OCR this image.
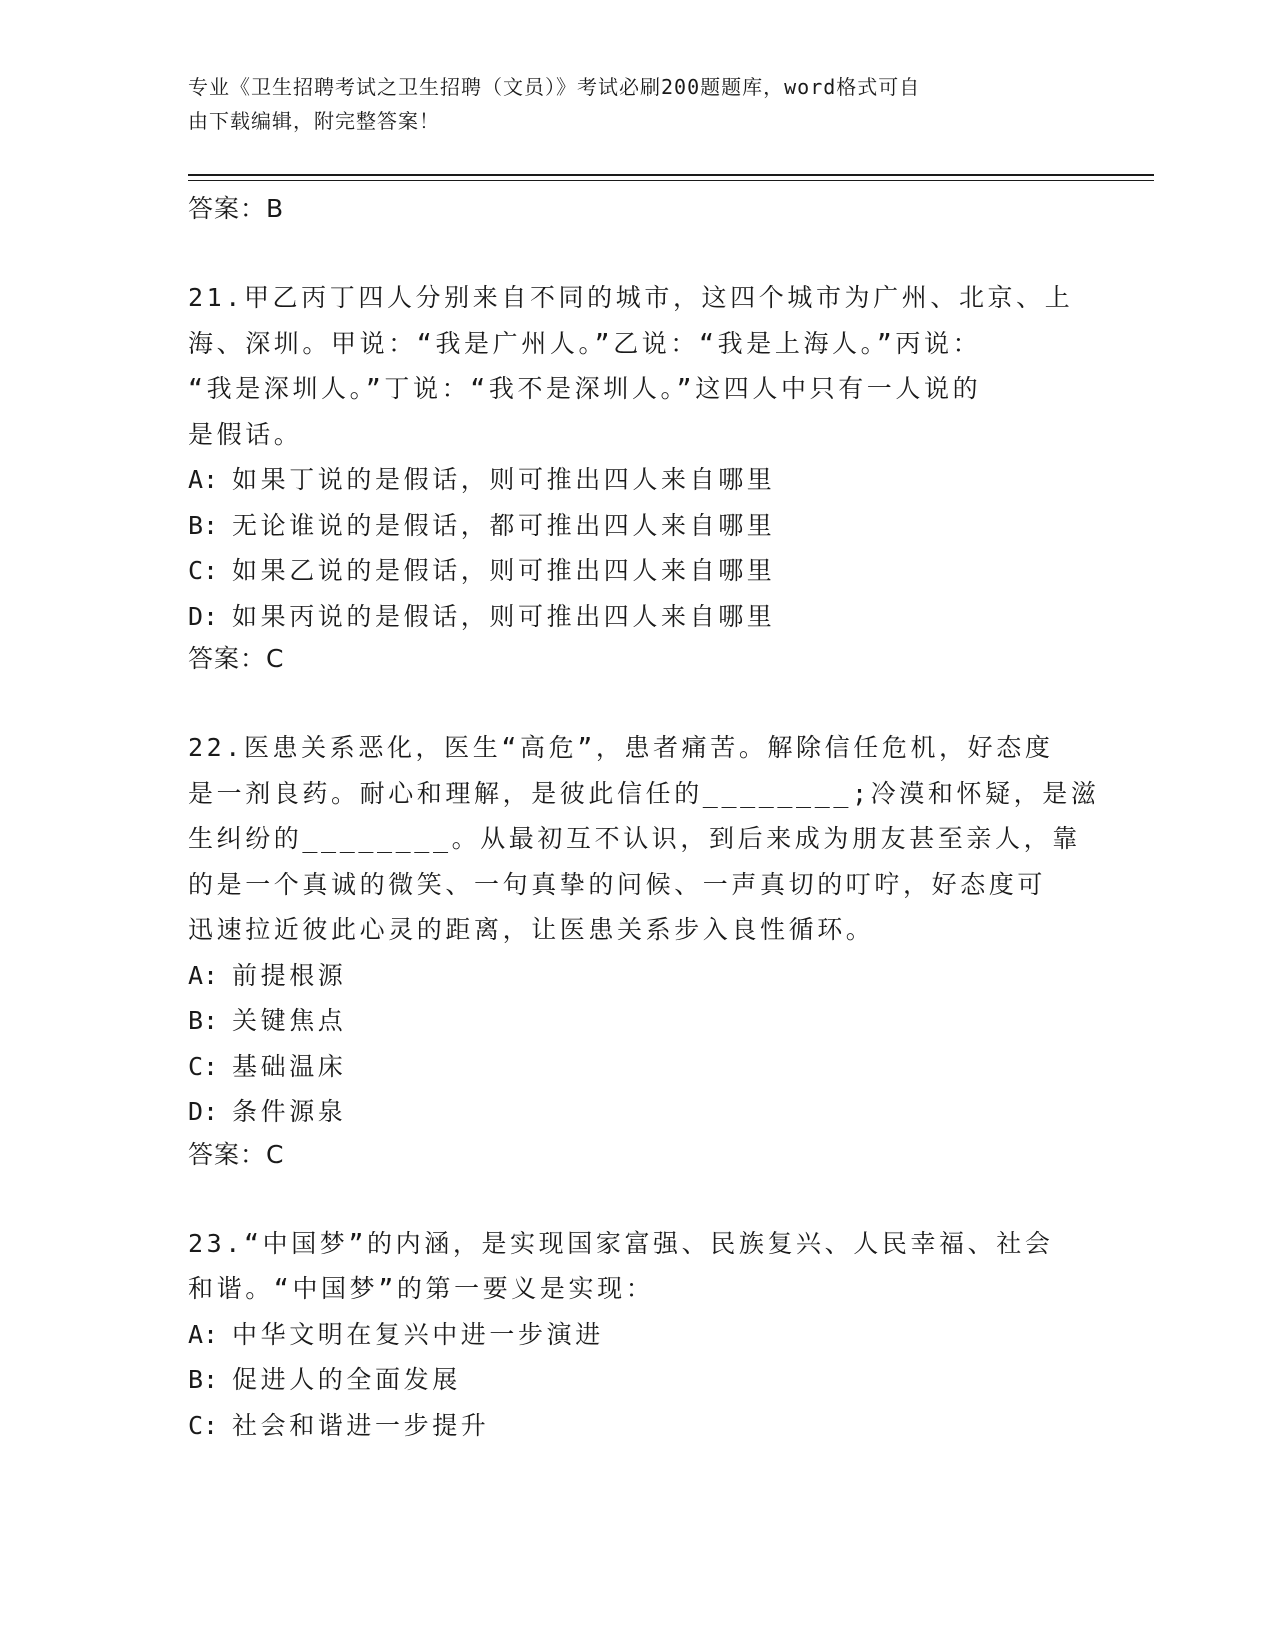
专业《卫生招聘考试之卫生招聘（文员）》考试必刷200题题库，word格式可自
由下载编辑，附完整答案！

答案：B

21.甲乙丙丁四人分别来自不同的城市，这四个城市为广州、北京、上
海、深圳。甲说：“我是广州人。”乙说：“我是上海人。”丙说：
“我是深圳人。”丁说：“我不是深圳人。”这四人中只有一人说的
是假话。

A: 如果丁说的是假话，则可推出四人来自哪里
B: 无论谁说的是假话，都可推出四人来自哪里
C: 如果乙说的是假话，则可推出四人来自哪里
D: 如果丙说的是假话，则可推出四人来自哪里

答案：C

22.医患关系恶化，医生“高危”，患者痛苦。解除信任危机，好态度
是一剂良药。耐心和理解，是彼此信任的________;冷漠和怀疑，是滋
生纠纷的________。从最初互不认识，到后来成为朋友甚至亲人，靠
的是一个真诚的微笑、一句真挚的问候、一声真切的叮咛，好态度可
迅速拉近彼此心灵的距离，让医患关系步入良性循环。

A: 前提根源
B: 关键焦点
C: 基础温床
D: 条件源泉

答案：C

23.“中国梦”的内涵，是实现国家富强、民族复兴、人民幸福、社会
和谐。“中国梦”的第一要义是实现：

A: 中华文明在复兴中进一步演进
B: 促进人的全面发展
C: 社会和谐进一步提升
